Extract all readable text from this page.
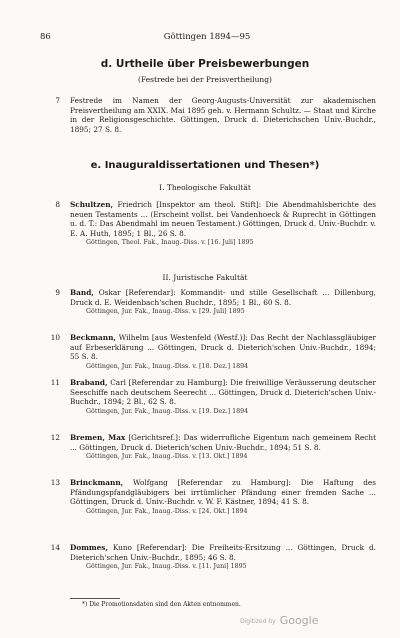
86	Göttingen 1894—95
d. Urtheile über Preisbewerbungen
(Festrede bei der Preisvertheilung)
7 Festrede im Namen der Georg-Augusts-Universität zur akademischen Preisvertheilung am XXIX. Mai 1895 geh. v. Hermann Schultz. — Staat und Kirche in der Religionsgeschichte. Göttingen, Druck d. Dieterichschen Univ.-Buchdr., 1895; 27 S. 8.
e. Inauguraldissertationen und Thesen*)
I. Theologische Fakultät
8 Schultzen, Friedrich [Inspektor am theol. Stift]: Die Abendmahlsberichte des neuen Testaments ... (Erscheint vollst. bei Vandenhoeck & Ruprecht in Göttingen u. d. T.: Das Abendmahl im neuen Testament.) Göttingen, Druck d. Univ.-Buchdr. v. E. A. Huth, 1895; 1 Bl., 26 S. 8.
Göttingen, Theol. Fak., Inaug.-Diss. v. [16. Juli] 1895
II. Juristische Fakultät
9 Band, Oskar [Referendar]: Kommandit- und stille Gesellschaft ... Dillenburg, Druck d. E. Weidenbach'schen Buchdr., 1895; 1 Bl., 60 S. 8.
Göttingen, Jur. Fak., Inaug.-Diss. v. [29. Juli] 1895
10 Beckmann, Wilhelm [aus Westenfeld (Westf.)]: Das Recht der Nachlassgläubiger auf Erbeserklärung ... Göttingen, Druck d. Dieterich'schen Univ.-Buchdr., 1894; 55 S. 8.
Göttingen, Jur. Fak., Inaug.-Diss. v. [18. Dez.] 1894
11 Braband, Carl [Referendar zu Hamburg]: Die freiwillige Veräusserung deutscher Seeschiffe nach deutschem Seerecht ... Göttingen, Druck d. Dieterich'schen Univ.-Buchdr., 1894; 2 Bl., 62 S. 8.
Göttingen, Jur. Fak., Inaug.-Diss. v. [19. Dez.] 1894
12 Bremen, Max [Gerichtsref.]: Das widerrufliche Eigentum nach gemeinem Recht ... Göttingen, Druck d. Dieterich'schen Univ.-Buchdr., 1894; 51 S. 8.
Göttingen, Jur. Fak., Inaug.-Diss. v. [13. Okt.] 1894
13 Brinckmann, Wolfgang [Referendar zu Hamburg]: Die Haftung des Pfändungspfandgläubigers bei irrtümlicher Pfändung einer fremden Sache ... Göttingen, Druck d. Univ.-Buchdr. v. W. F. Kästner, 1894; 41 S. 8.
Göttingen, Jur. Fak., Inaug.-Diss. v. [24. Okt.] 1894
14 Dommes, Kuno [Referendar]: Die Freiheits-Ersitzung ... Göttingen, Druck d. Dieterich'schen Univ.-Buchdr., 1895; 46 S. 8.
Göttingen, Jur. Fak., Inaug.-Diss. v. [11. Juni] 1895
*) Die Promotionsdaten sind den Akten entnommen.
Digitized by Google
